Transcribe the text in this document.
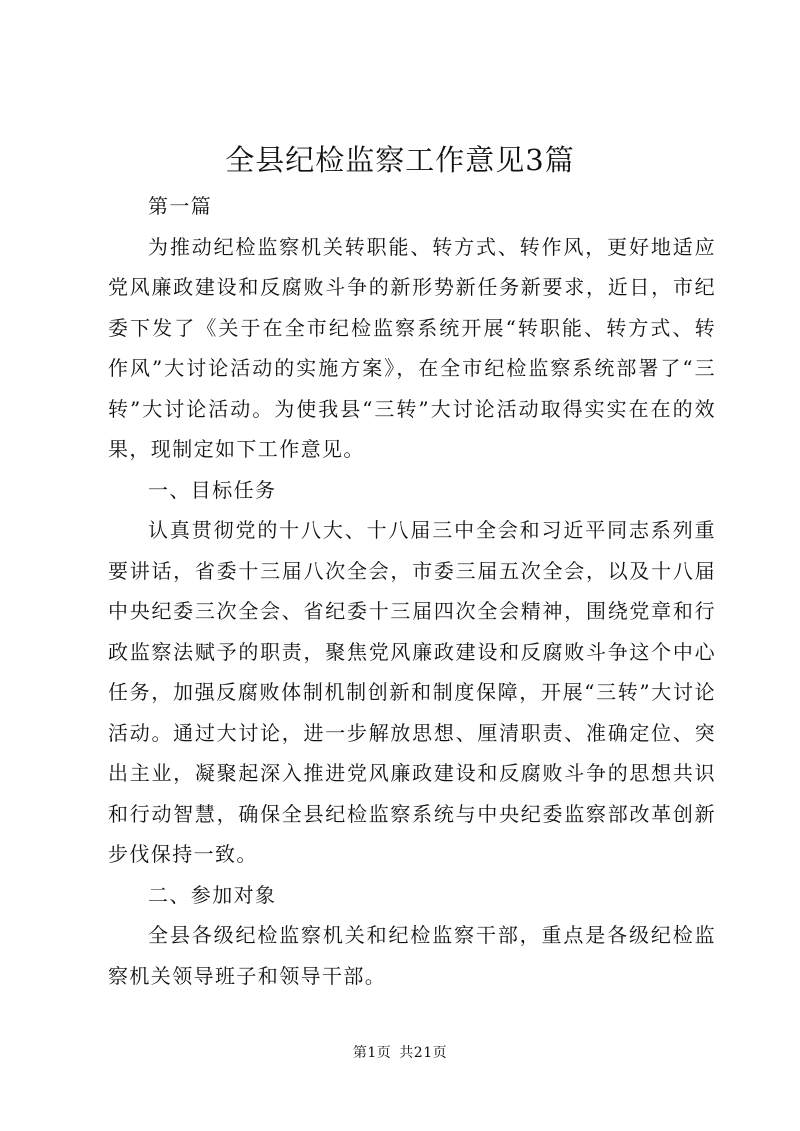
全县纪检监察工作意见3篇

第一篇

为推动纪检监察机关转职能、转方式、转作风，更好地适应党风廉政建设和反腐败斗争的新形势新任务新要求，近日，市纪委下发了《关于在全市纪检监察系统开展“转职能、转方式、转作风”大讨论活动的实施方案》，在全市纪检监察系统部署了“三转”大讨论活动。为使我县“三转”大讨论活动取得实实在在的效果，现制定如下工作意见。

一、目标任务

认真贯彻党的十八大、十八届三中全会和习近平同志系列重要讲话，省委十三届八次全会，市委三届五次全会，以及十八届中央纪委三次全会、省纪委十三届四次全会精神，围绕党章和行政监察法赋予的职责，聚焦党风廉政建设和反腐败斗争这个中心任务，加强反腐败体制机制创新和制度保障，开展“三转”大讨论活动。通过大讨论，进一步解放思想、厘清职责、准确定位、突出主业，凝聚起深入推进党风廉政建设和反腐败斗争的思想共识和行动智慧，确保全县纪检监察系统与中央纪委监察部改革创新步伐保持一致。

二、参加对象

全县各级纪检监察机关和纪检监察干部，重点是各级纪检监察机关领导班子和领导干部。

第1页 共21页
